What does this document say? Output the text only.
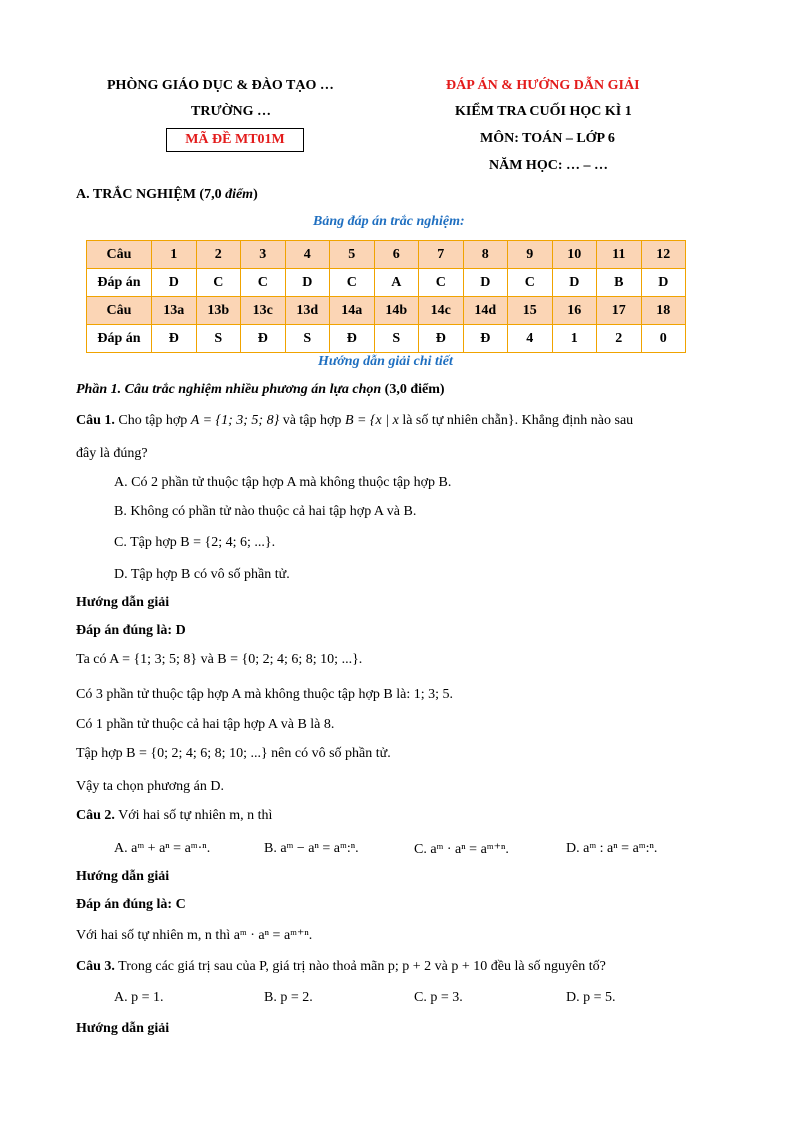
PHÒNG GIÁO DỤC & ĐÀO TẠO …
TRƯỜNG …
MÃ ĐỀ MT01M
ĐÁP ÁN & HƯỚNG DẪN GIẢI
KIỂM TRA CUỐI HỌC KÌ 1
MÔN: TOÁN – LỚP 6
NĂM HỌC: … – …
A. TRẮC NGHIỆM (7,0 điểm)
Bảng đáp án trắc nghiệm:
Câu	1	2	3	4	5	6	7	8	9	10	11	12
Đáp án	D	C	C	D	C	A	C	D	C	D	B	D
Câu	13a	13b	13c	13d	14a	14b	14c	14d	15	16	17	18
Đáp án	Đ	S	Đ	S	Đ	S	Đ	Đ	4	1	2	0
Hướng dẫn giải chi tiết
Phần 1. Câu trắc nghiệm nhiều phương án lựa chọn (3,0 điểm)
Câu 1. Cho tập hợp A = {1; 3; 5; 8} và tập hợp B = {x | x là số tự nhiên chẵn}. Khẳng định nào sau
đây là đúng?
A. Có 2 phần tử thuộc tập hợp A mà không thuộc tập hợp B.
B. Không có phần tử nào thuộc cả hai tập hợp A và B.
C. Tập hợp B = {2; 4; 6; ...}.
D. Tập hợp B có vô số phần tử.
Hướng dẫn giải
Đáp án đúng là: D
Ta có A = {1; 3; 5; 8} và B = {0; 2; 4; 6; 8; 10; ...}.
Có 3 phần tử thuộc tập hợp A mà không thuộc tập hợp B là: 1; 3; 5.
Có 1 phần tử thuộc cả hai tập hợp A và B là 8.
Tập hợp B = {0; 2; 4; 6; 8; 10; ...} nên có vô số phần tử.
Vậy ta chọn phương án D.
Câu 2. Với hai số tự nhiên m, n thì
A. aᵐ + aⁿ = aᵐ·ⁿ.	B. aᵐ − aⁿ = aᵐ:ⁿ.	C. aᵐ · aⁿ = aᵐ⁺ⁿ.	D. aᵐ : aⁿ = aᵐ:ⁿ.
Hướng dẫn giải
Đáp án đúng là: C
Với hai số tự nhiên m, n thì aᵐ · aⁿ = aᵐ⁺ⁿ.
Câu 3. Trong các giá trị sau của P, giá trị nào thoả mãn p; p + 2 và p + 10 đều là số nguyên tố?
A. p = 1.	B. p = 2.	C. p = 3.	D. p = 5.
Hướng dẫn giải
